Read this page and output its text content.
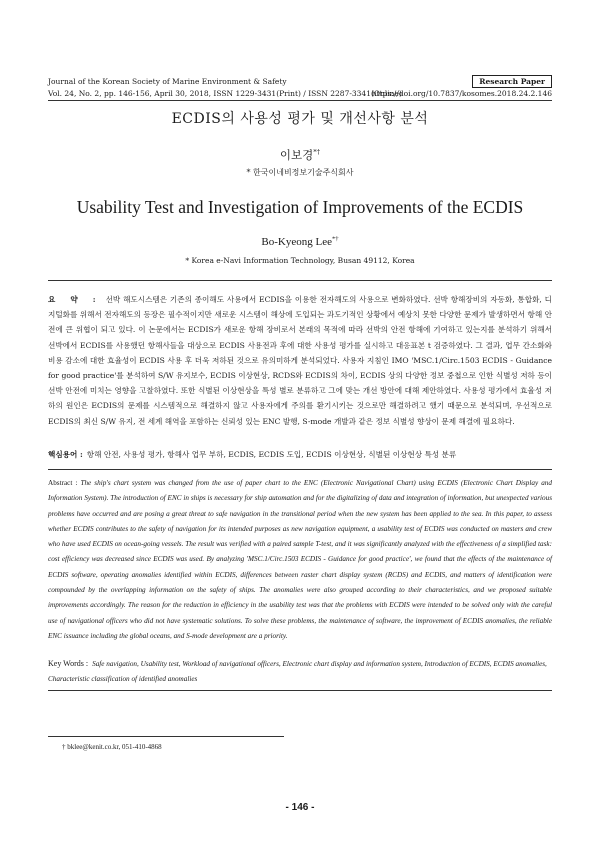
Journal of the Korean Society of Marine Environment & Safety
Vol. 24, No. 2, pp. 146-156, April 30, 2018, ISSN 1229-3431(Print) / ISSN 2287-3341(Online)
Research Paper
https://doi.org/10.7837/kosomes.2018.24.2.146
ECDIS의 사용성 평가 및 개선사항 분석
이보경*†
* 한국이네비정보기술주식회사
Usability Test and Investigation of Improvements of the ECDIS
Bo-Kyeong Lee*†
* Korea e-Navi Information Technology, Busan 49112, Korea
요 약 : 선박 해도시스템은 기존의 종이해도 사용에서 ECDIS을 이용한 전자해도의 사용으로 변화하였다. 선박 항해장비의 자동화, 통합화, 디지털화를 위해서 전자해도의 등장은 필수적이지만 새로운 시스템이 해상에 도입되는 과도기적인 상황에서 예상치 못한 다양한 문제가 발생하면서 항해 안전에 큰 위협이 되고 있다. 이 논문에서는 ECDIS가 새로운 항해 장비로서 본래의 목적에 따라 선박의 안전 항해에 기여하고 있는지를 분석하기 위해서 선박에서 ECDIS를 사용했던 항해사들을 대상으로 ECDIS 사용전과 후에 대한 사용성 평가를 실시하고 대응표본 t 검증하였다. 그 결과, 업무 간소화와 비용 감소에 대한 효율성이 ECDIS 사용 후 더욱 저하된 것으로 유의미하게 분석되었다. 사용자 지침인 IMO 'MSC.1/Circ.1503 ECDIS - Guidance for good practice'를 분석하여 S/W 유지보수, ECDIS 이상현상, RCDS와 ECDIS의 차이, ECDIS 상의 다양한 정보 중첩으로 인한 식별성 저하 등이 선박 안전에 미치는 영향을 고찰하였다. 또한 식별된 이상현상을 특성 별로 분류하고 그에 맞는 개선 방안에 대해 제안하였다. 사용성 평가에서 효율성 저하의 원인은 ECDIS의 문제를 시스템적으로 해결하지 않고 사용자에게 주의를 환기시키는 것으로만 해결하려고 했기 때문으로 분석되며, 우선적으로 ECDIS의 최신 S/W 유지, 전 세계 해역을 포함하는 신뢰성 있는 ENC 발행, S-mode 개발과 같은 정보 식별성 향상이 문제 해결에 필요하다.
핵심용어 : 항해 안전, 사용성 평가, 항해사 업무 부하, ECDIS, ECDIS 도입, ECDIS 이상현상, 식별된 이상현상 특성 분류
Abstract : The ship's chart system was changed from the use of paper chart to the ENC (Electronic Navigational Chart) using ECDIS (Electronic Chart Display and Information System). The introduction of ENC in ships is necessary for ship automation and for the digitalizing of data and integration of information, but unexpected various problems have occurred and are posing a great threat to safe navigation in the transitional period when the new system has been applied to the sea. In this paper, to assess whether ECDIS contributes to the safety of navigation for its intended purposes as new navigation equipment, a usability test of ECDIS was conducted on masters and crew who have used ECDIS on ocean-going vessels. The result was verified with a paired sample T-test, and it was significantly analyzed with the effectiveness of a simplified task: cost efficiency was decreased since ECDIS was used. By analyzing 'MSC.1/Circ.1503 ECDIS - Guidance for good practice', we found that the effects of the maintenance of ECDIS software, operating anomalies identified within ECDIS, differences between raster chart display system (RCDS) and ECDIS, and matters of identification were compounded by the overlapping information on the safety of ships. The anomalies were also grouped according to their characteristics, and we proposed suitable improvements accordingly. The reason for the reduction in efficiency in the usability test was that the problems with ECDIS were intended to be solved only with the careful use of navigational officers who did not have systematic solutions. To solve these problems, the maintenance of software, the improvement of ECDIS anomalies, the reliable ENC issuance including the global oceans, and S-mode development are a priority.
Key Words : Safe navigation, Usability test, Workload of navigational officers, Electronic chart display and information system, Introduction of ECDIS, ECDIS anomalies, Characteristic classification of identified anomalies
† bklee@kenit.co.kr, 051-410-4868
- 146 -
